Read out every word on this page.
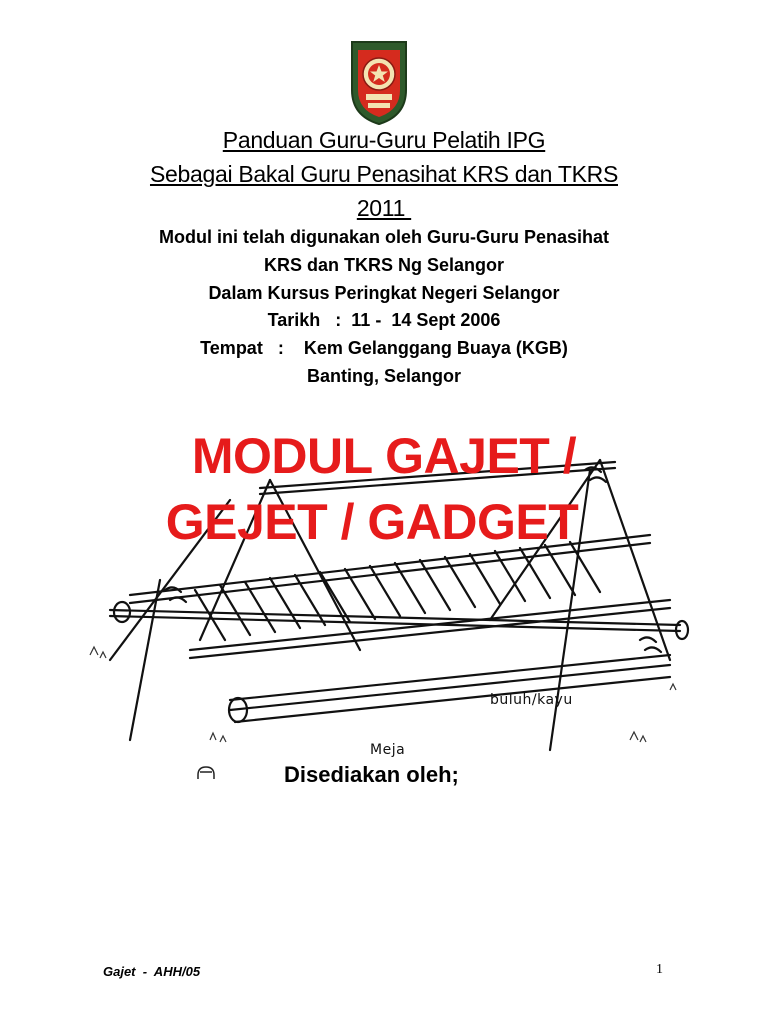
Panduan Guru-Guru Pelatih IPG
Sebagai Bakal Guru Penasihat KRS dan TKRS
2011
Modul ini telah digunakan oleh Guru-Guru Penasihat
KRS dan TKRS Ng Selangor
Dalam Kursus Peringkat Negeri Selangor
Tarikh   :  11 -  14 Sept 2006
Tempat   :    Kem Gelanggang Buaya (KGB)
Banting, Selangor
buluh/kayu
Meja
MODUL GAJET /
GEJET / GADGET
Disediakan oleh;
Gajet  -  AHH/05	1
